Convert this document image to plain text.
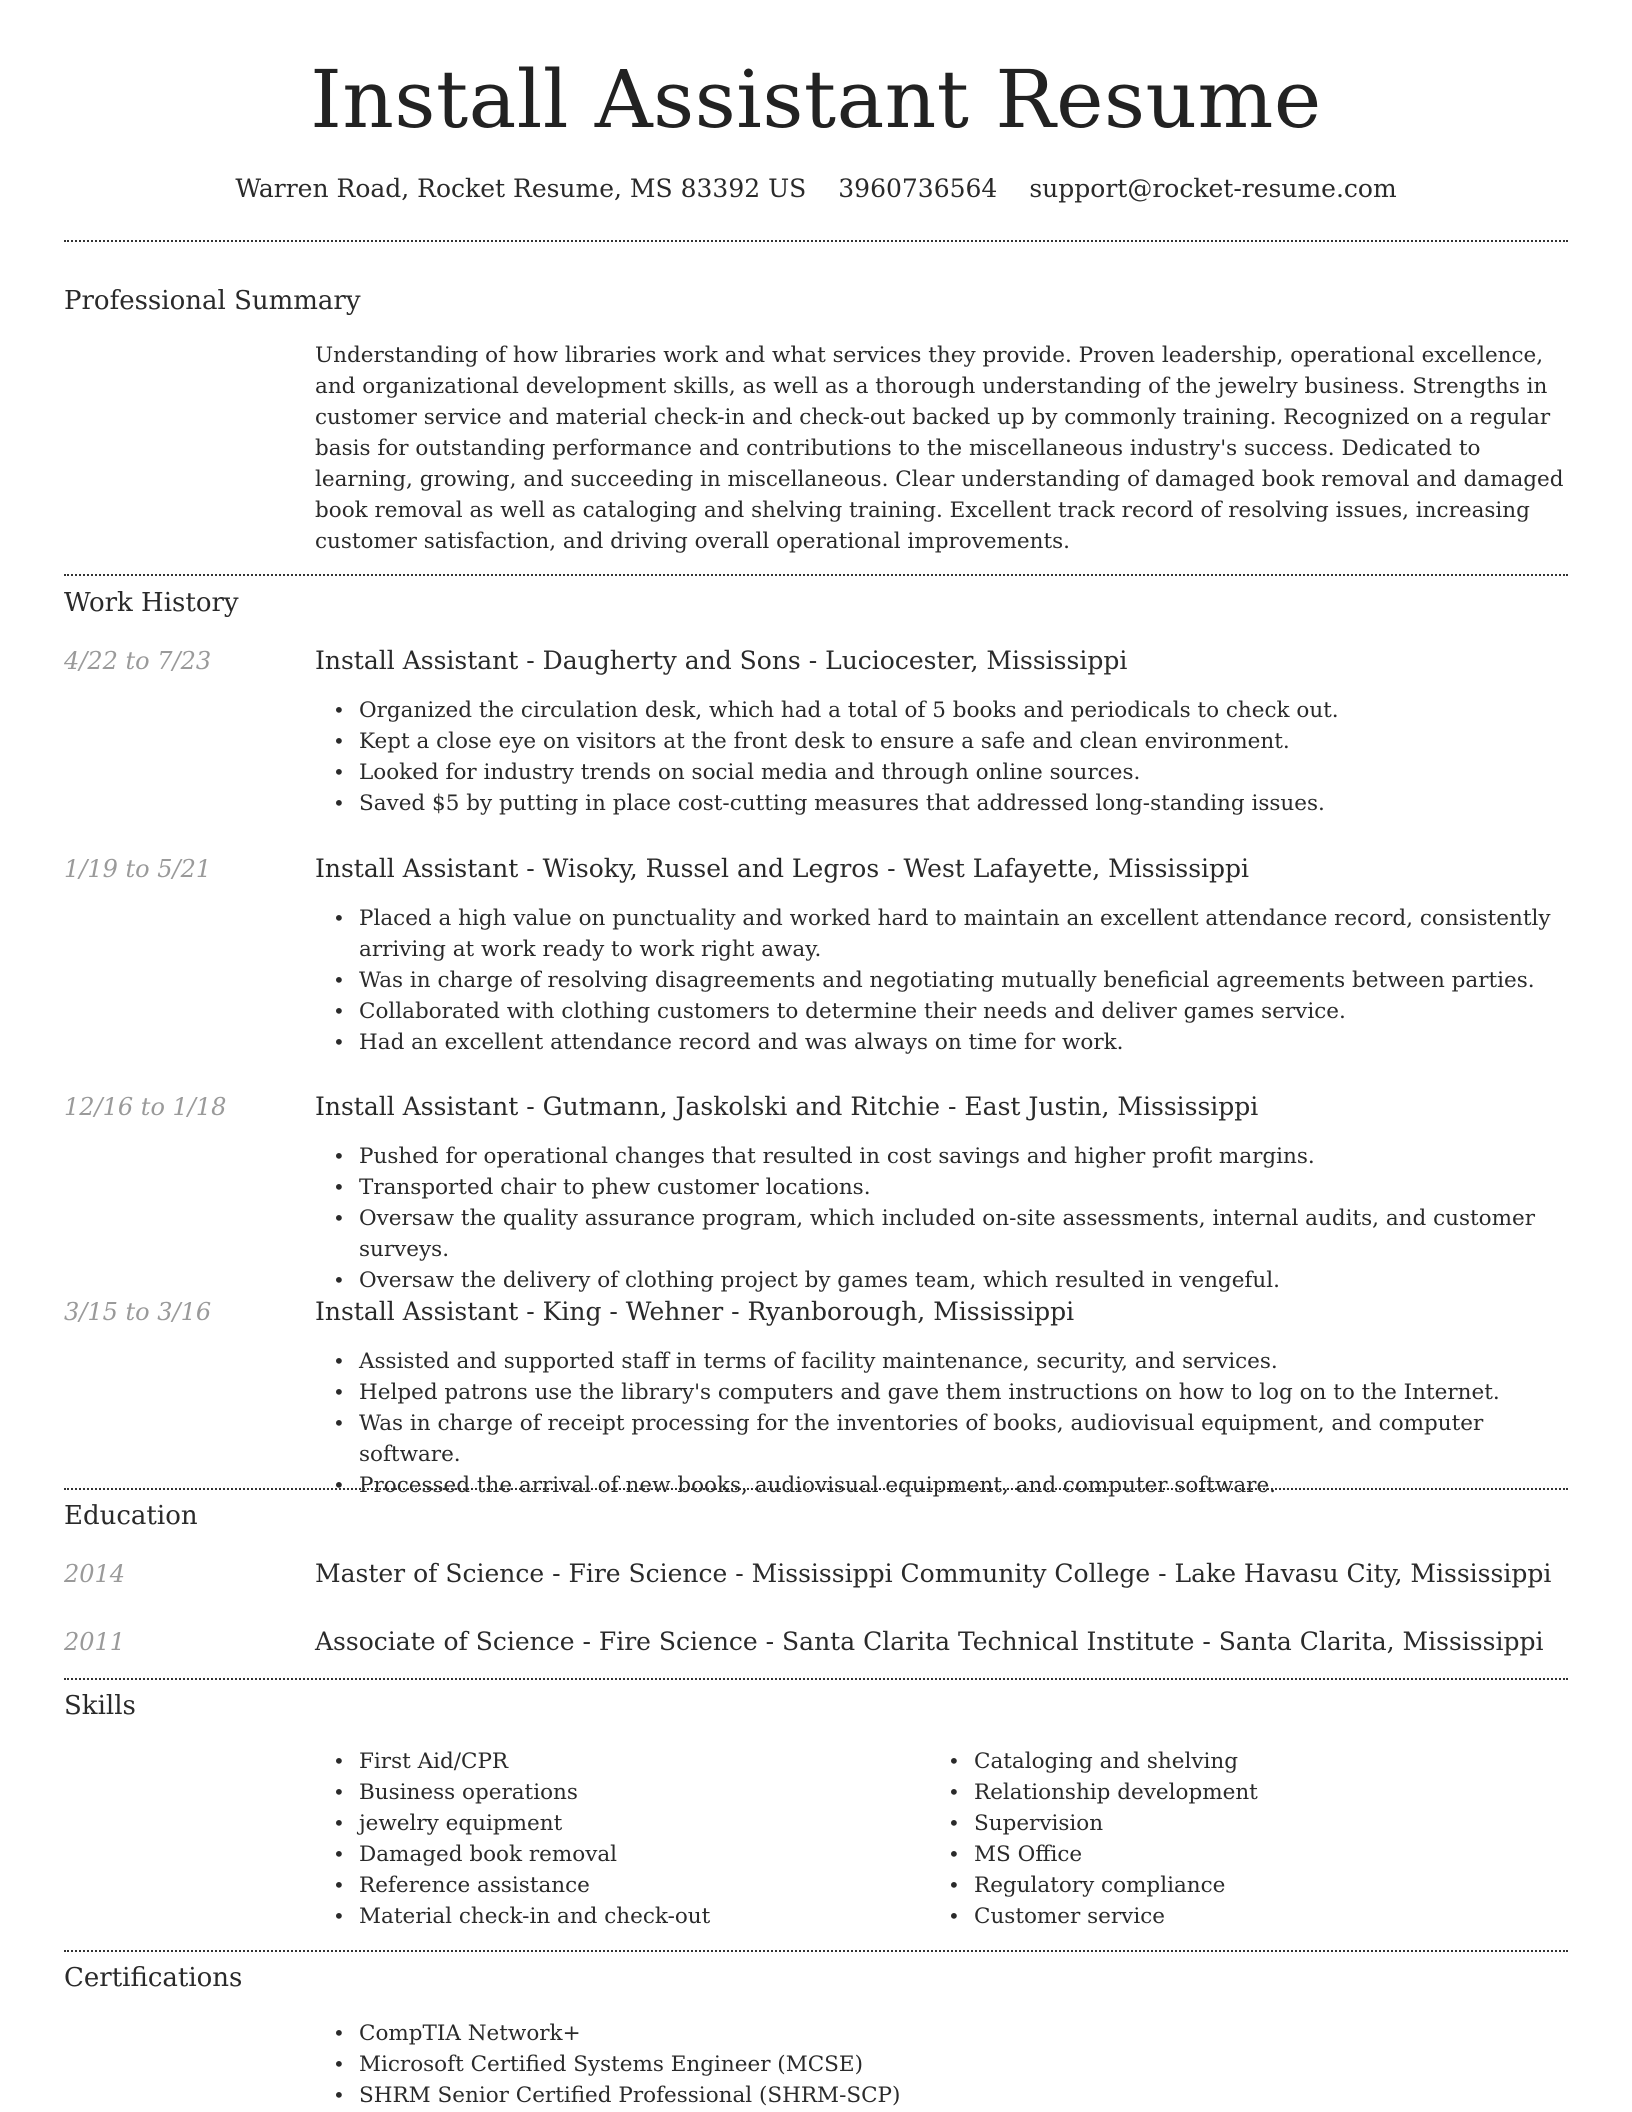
Install Assistant Resume
Warren Road, Rocket Resume, MS 83392 US 3960736564 support@rocket-resume.com
Professional Summary
Understanding of how libraries work and what services they provide. Proven leadership, operational excellence, and organizational development skills, as well as a thorough understanding of the jewelry business. Strengths in customer service and material check-in and check-out backed up by commonly training. Recognized on a regular basis for outstanding performance and contributions to the miscellaneous industry's success. Dedicated to learning, growing, and succeeding in miscellaneous. Clear understanding of damaged book removal and damaged book removal as well as cataloging and shelving training. Excellent track record of resolving issues, increasing customer satisfaction, and driving overall operational improvements.
Work History
4/22 to 7/23	Install Assistant - Daugherty and Sons - Luciocester, Mississippi
• Organized the circulation desk, which had a total of 5 books and periodicals to check out.
• Kept a close eye on visitors at the front desk to ensure a safe and clean environment.
• Looked for industry trends on social media and through online sources.
• Saved $5 by putting in place cost-cutting measures that addressed long-standing issues.
1/19 to 5/21	Install Assistant - Wisoky, Russel and Legros - West Lafayette, Mississippi
• Placed a high value on punctuality and worked hard to maintain an excellent attendance record, consistently arriving at work ready to work right away.
• Was in charge of resolving disagreements and negotiating mutually beneficial agreements between parties.
• Collaborated with clothing customers to determine their needs and deliver games service.
• Had an excellent attendance record and was always on time for work.
12/16 to 1/18	Install Assistant - Gutmann, Jaskolski and Ritchie - East Justin, Mississippi
• Pushed for operational changes that resulted in cost savings and higher profit margins.
• Transported chair to phew customer locations.
• Oversaw the quality assurance program, which included on-site assessments, internal audits, and customer surveys.
• Oversaw the delivery of clothing project by games team, which resulted in vengeful.
3/15 to 3/16	Install Assistant - King - Wehner - Ryanborough, Mississippi
• Assisted and supported staff in terms of facility maintenance, security, and services.
• Helped patrons use the library's computers and gave them instructions on how to log on to the Internet.
• Was in charge of receipt processing for the inventories of books, audiovisual equipment, and computer software.
• Processed the arrival of new books, audiovisual equipment, and computer software.
Education
2014	Master of Science - Fire Science - Mississippi Community College - Lake Havasu City, Mississippi
2011	Associate of Science - Fire Science - Santa Clarita Technical Institute - Santa Clarita, Mississippi
Skills
• First Aid/CPR
• Business operations
• jewelry equipment
• Damaged book removal
• Reference assistance
• Material check-in and check-out
• Cataloging and shelving
• Relationship development
• Supervision
• MS Office
• Regulatory compliance
• Customer service
Certifications
• CompTIA Network+
• Microsoft Certified Systems Engineer (MCSE)
• SHRM Senior Certified Professional (SHRM-SCP)
